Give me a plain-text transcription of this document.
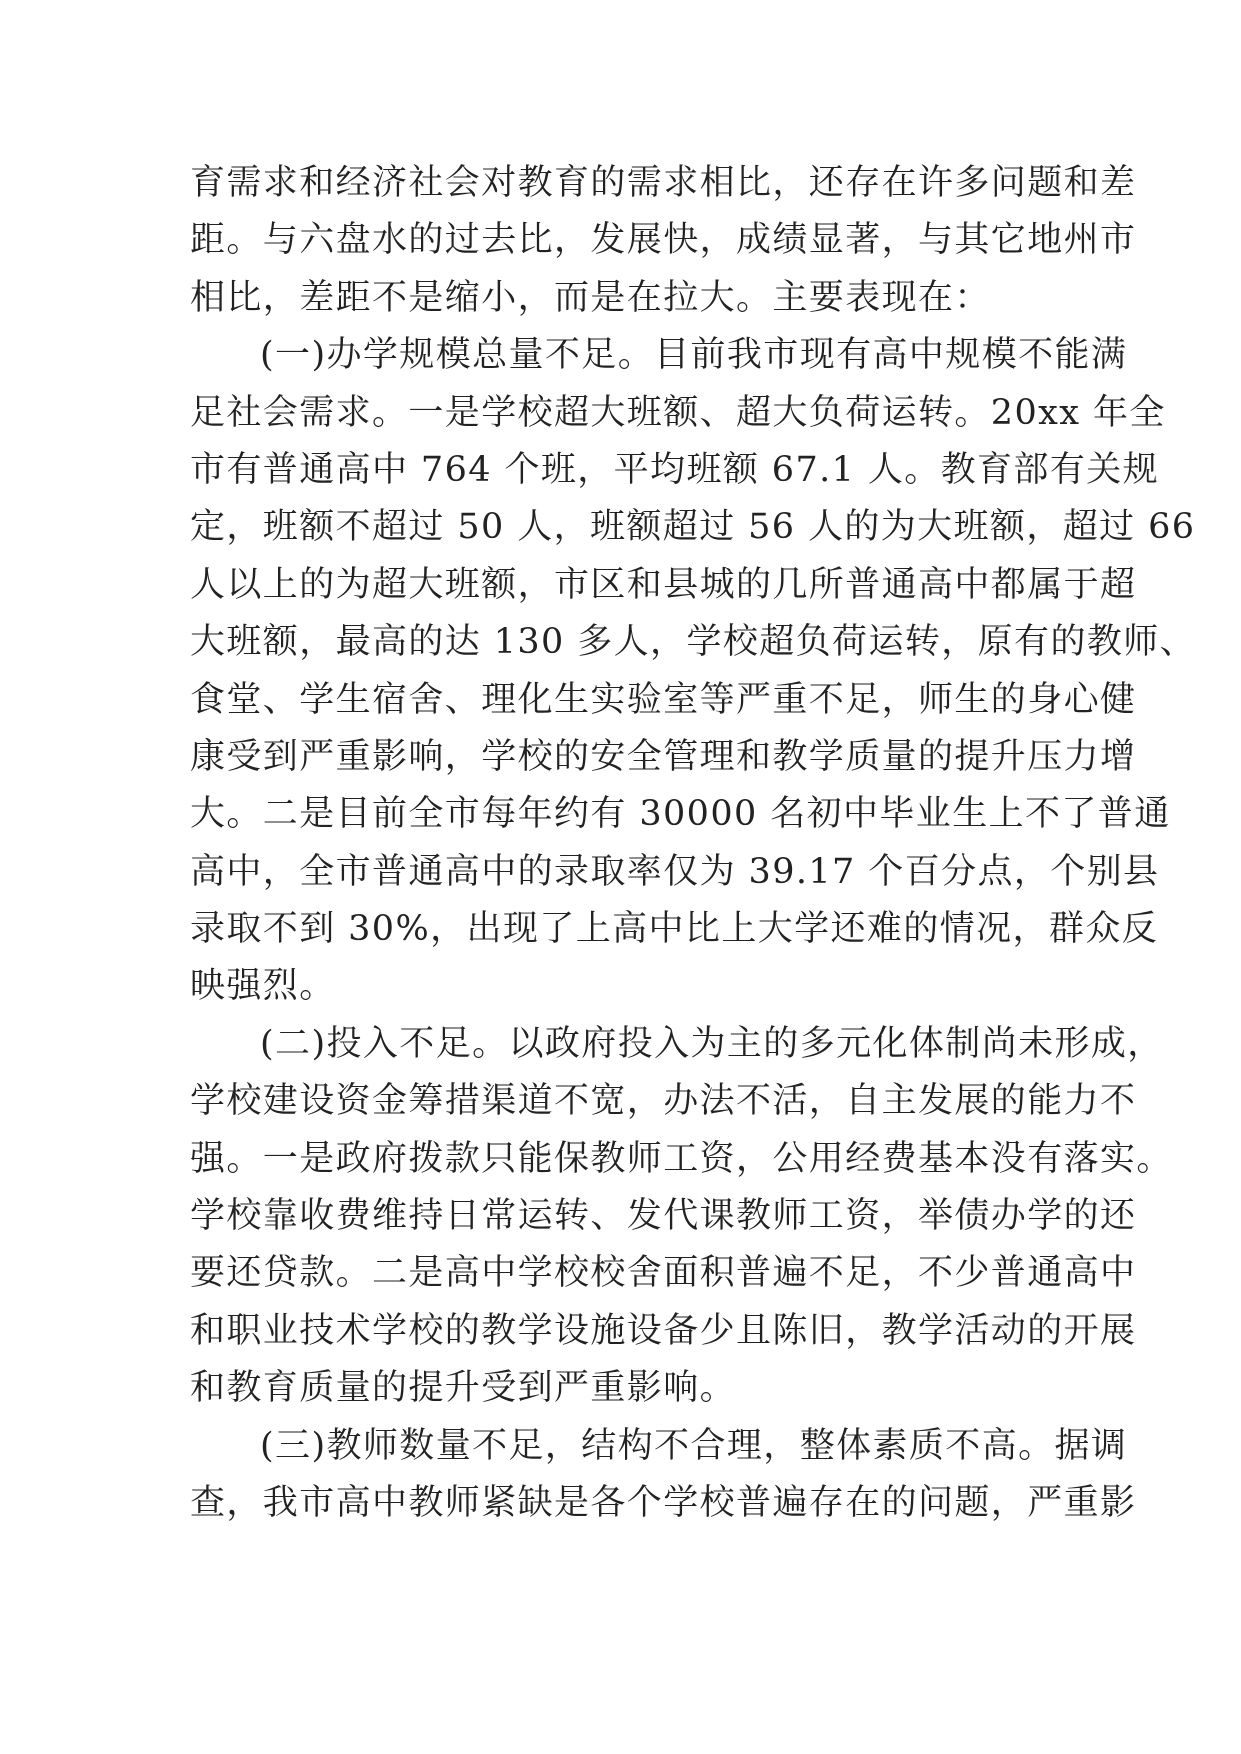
育需求和经济社会对教育的需求相比，还存在许多问题和差
距。与六盘水的过去比，发展快，成绩显著，与其它地州市
相比，差距不是缩小，而是在拉大。主要表现在：
(一)办学规模总量不足。目前我市现有高中规模不能满
足社会需求。一是学校超大班额、超大负荷运转。20xx 年全
市有普通高中 764 个班，平均班额 67.1 人。教育部有关规
定，班额不超过 50 人，班额超过 56 人的为大班额，超过 66
人以上的为超大班额，市区和县城的几所普通高中都属于超
大班额，最高的达 130 多人，学校超负荷运转，原有的教师、
食堂、学生宿舍、理化生实验室等严重不足，师生的身心健
康受到严重影响，学校的安全管理和教学质量的提升压力增
大。二是目前全市每年约有 30000 名初中毕业生上不了普通
高中，全市普通高中的录取率仅为 39.17 个百分点，个别县
录取不到 30%，出现了上高中比上大学还难的情况，群众反
映强烈。
(二)投入不足。以政府投入为主的多元化体制尚未形成，
学校建设资金筹措渠道不宽，办法不活，自主发展的能力不
强。一是政府拨款只能保教师工资，公用经费基本没有落实。
学校靠收费维持日常运转、发代课教师工资，举债办学的还
要还贷款。二是高中学校校舍面积普遍不足，不少普通高中
和职业技术学校的教学设施设备少且陈旧，教学活动的开展
和教育质量的提升受到严重影响。
(三)教师数量不足，结构不合理，整体素质不高。据调
查，我市高中教师紧缺是各个学校普遍存在的问题，严重影
